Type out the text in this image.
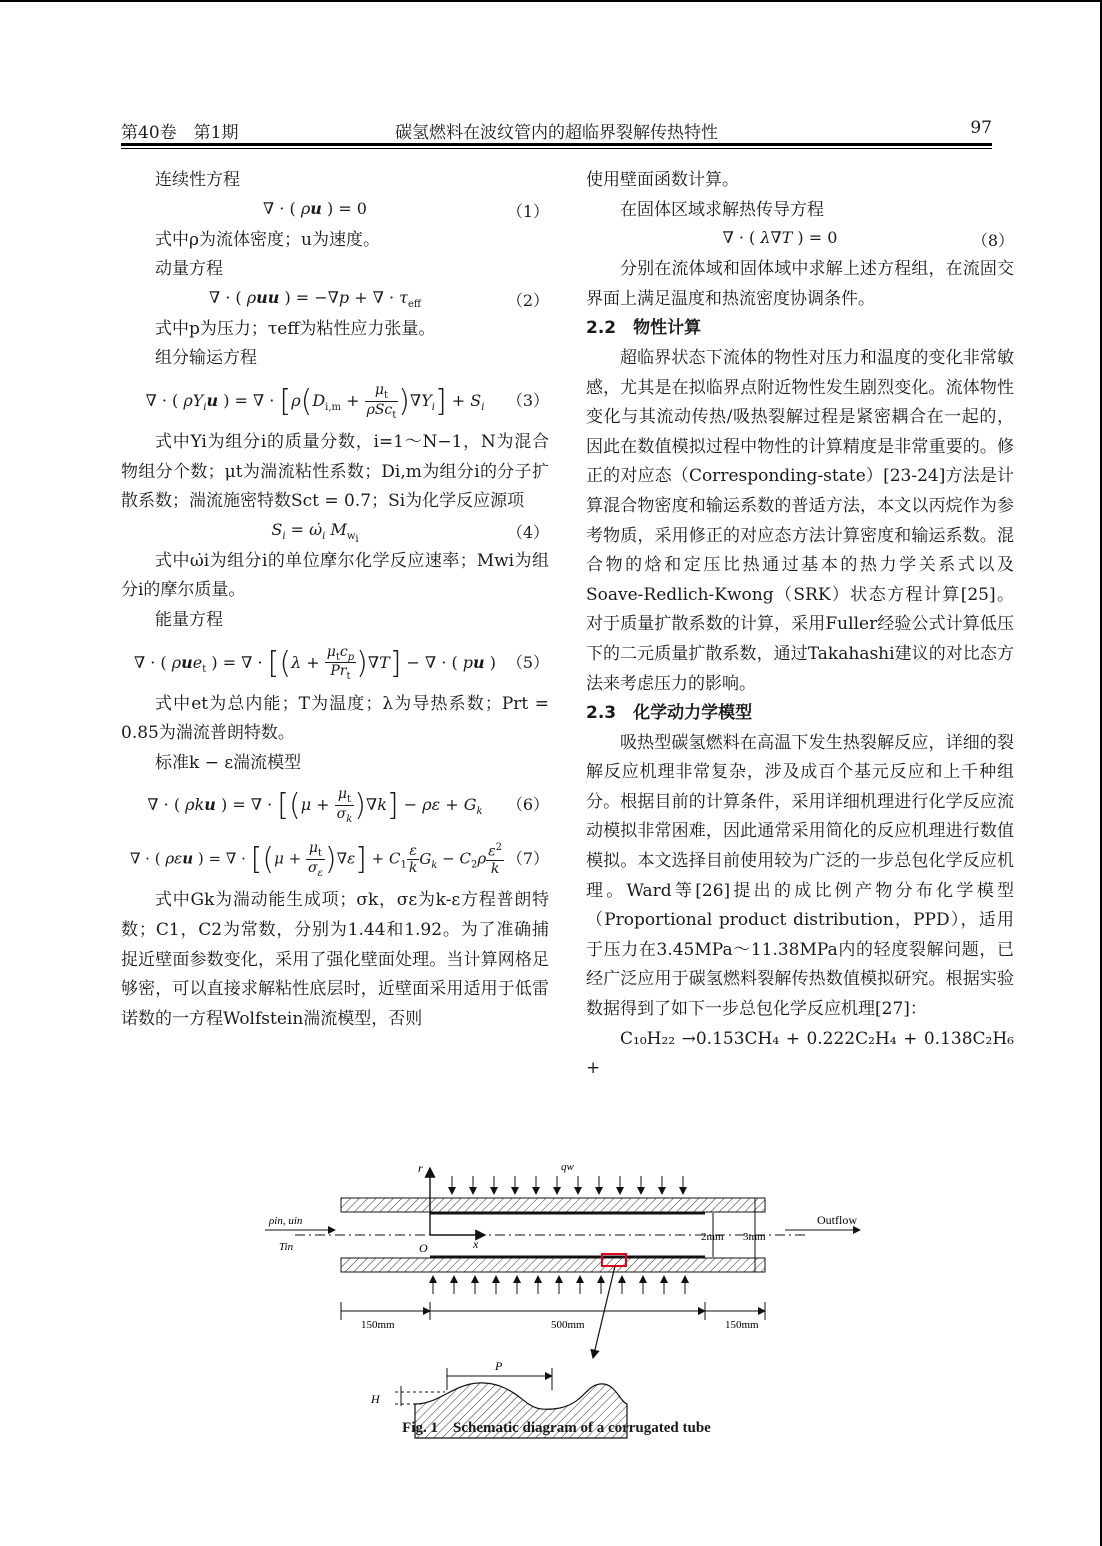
第40卷　第1期	碳氢燃料在波纹管内的超临界裂解传热特性	97

连续性方程

∇ · ( ρu ) = 0	（1）

式中ρ为流体密度；u为速度。

动量方程

∇ · ( ρuu ) = −∇p + ∇ · $\tau_{eff}$	（2）

式中p为压力；τeff为粘性应力张量。

组分输运方程

∇ · ( $\rho Y_iu$ ) = ∇ · $[\rho(D_{i,m} + \frac{\mu_t}{\rho Sc_t} )\nabla Y_i] + S_i$	（3）

式中Yi为组分i的质量分数，i=1～N−1，N为混合物组分个数；μt为湍流粘性系数；Di,m为组分i的分子扩散系数；湍流施密特数Sct = 0.7；Si为化学反应源项

$S_i$ = $\omegȧ_i$ $M_{w_i}$	（4）

式中ω̇i为组分i的单位摩尔化学反应速率；Mwi为组分i的摩尔质量。

能量方程

∇ · ( ρue$_t$ ) = ∇ · $[(\lambda + \frac{\mu_tc_p}{Pr_t} )\nabla T]$ − ∇ · ( pu ) （5）

式中et为总内能；T为温度；λ为导热系数；Prt = 0.85为湍流普朗特数。

标准k − ε湍流模型

∇ · ( ρku ) = ∇ · $[(\mu + \frac{\mu_t}{\sigma_k} )\nabla k] - \rho\varepsilon + G_k$	（6）
∇ · ( ρεu ) = ∇ · $[(\mu + \frac{\mu_t}{\sigma_\varepsilon} )\nabla\varepsilon] + C_1 \frac{\varepsilon}{k} G_k - C_2\rho \frac{\varepsilon^2}{k} (7)$

式中Gk为湍动能生成项；σk，σε为k-ε方程普朗特数；C1，C2为常数，分别为1.44和1.92。为了准确捕捉近壁面参数变化，采用了强化壁面处理。当计算网格足够密，可以直接求解粘性底层时，近壁面采用适用于低雷诺数的一方程Wolfstein湍流模型，否则

使用壁面函数计算。

在固体区域求解热传导方程

∇ · ( λ∇T ) = 0	（8）

分别在流体域和固体域中求解上述方程组，在流固交界面上满足温度和热流密度协调条件。

2.2　物性计算

超临界状态下流体的物性对压力和温度的变化非常敏感，尤其是在拟临界点附近物性发生剧烈变化。流体物性变化与其流动传热/吸热裂解过程是紧密耦合在一起的，因此在数值模拟过程中物性的计算精度是非常重要的。修正的对应态（Corresponding-state）[23-24]方法是计算混合物密度和输运系数的普适方法，本文以丙烷作为参考物质，采用修正的对应态方法计算密度和输运系数。混合物的焓和定压比热通过基本的热力学关系式以及Soave-Redlich-Kwong（SRK）状态方程计算[25]。对于质量扩散系数的计算，采用Fuller经验公式计算低压下的二元质量扩散系数，通过Takahashi建议的对比态方法来考虑压力的影响。

2.3　化学动力学模型

吸热型碳氢燃料在高温下发生热裂解反应，详细的裂解反应机理非常复杂，涉及成百个基元反应和上千种组分。根据目前的计算条件，采用详细机理进行化学反应流动模拟非常困难，因此通常采用简化的反应机理进行数值模拟。本文选择目前使用较为广泛的一步总包化学反应机理。Ward等[26]提出的成比例产物分布化学模型（Proportional product distribution，PPD），适用于压力在3.45MPa～11.38MPa内的轻度裂解问题，已经广泛应用于碳氢燃料裂解传热数值模拟研究。根据实验数据得到了如下一步总包化学反应机理[27]：

C₁₀H₂₂ →0.153CH₄ + 0.222C₂H₄ + 0.138C₂H₆ +

r
O	x
qw
ρin, uin
Tin
Outflow
2mm 3mm
150mm	500mm	150mm
P
H
Fig. 1　Schematic diagram of a corrugated tube
